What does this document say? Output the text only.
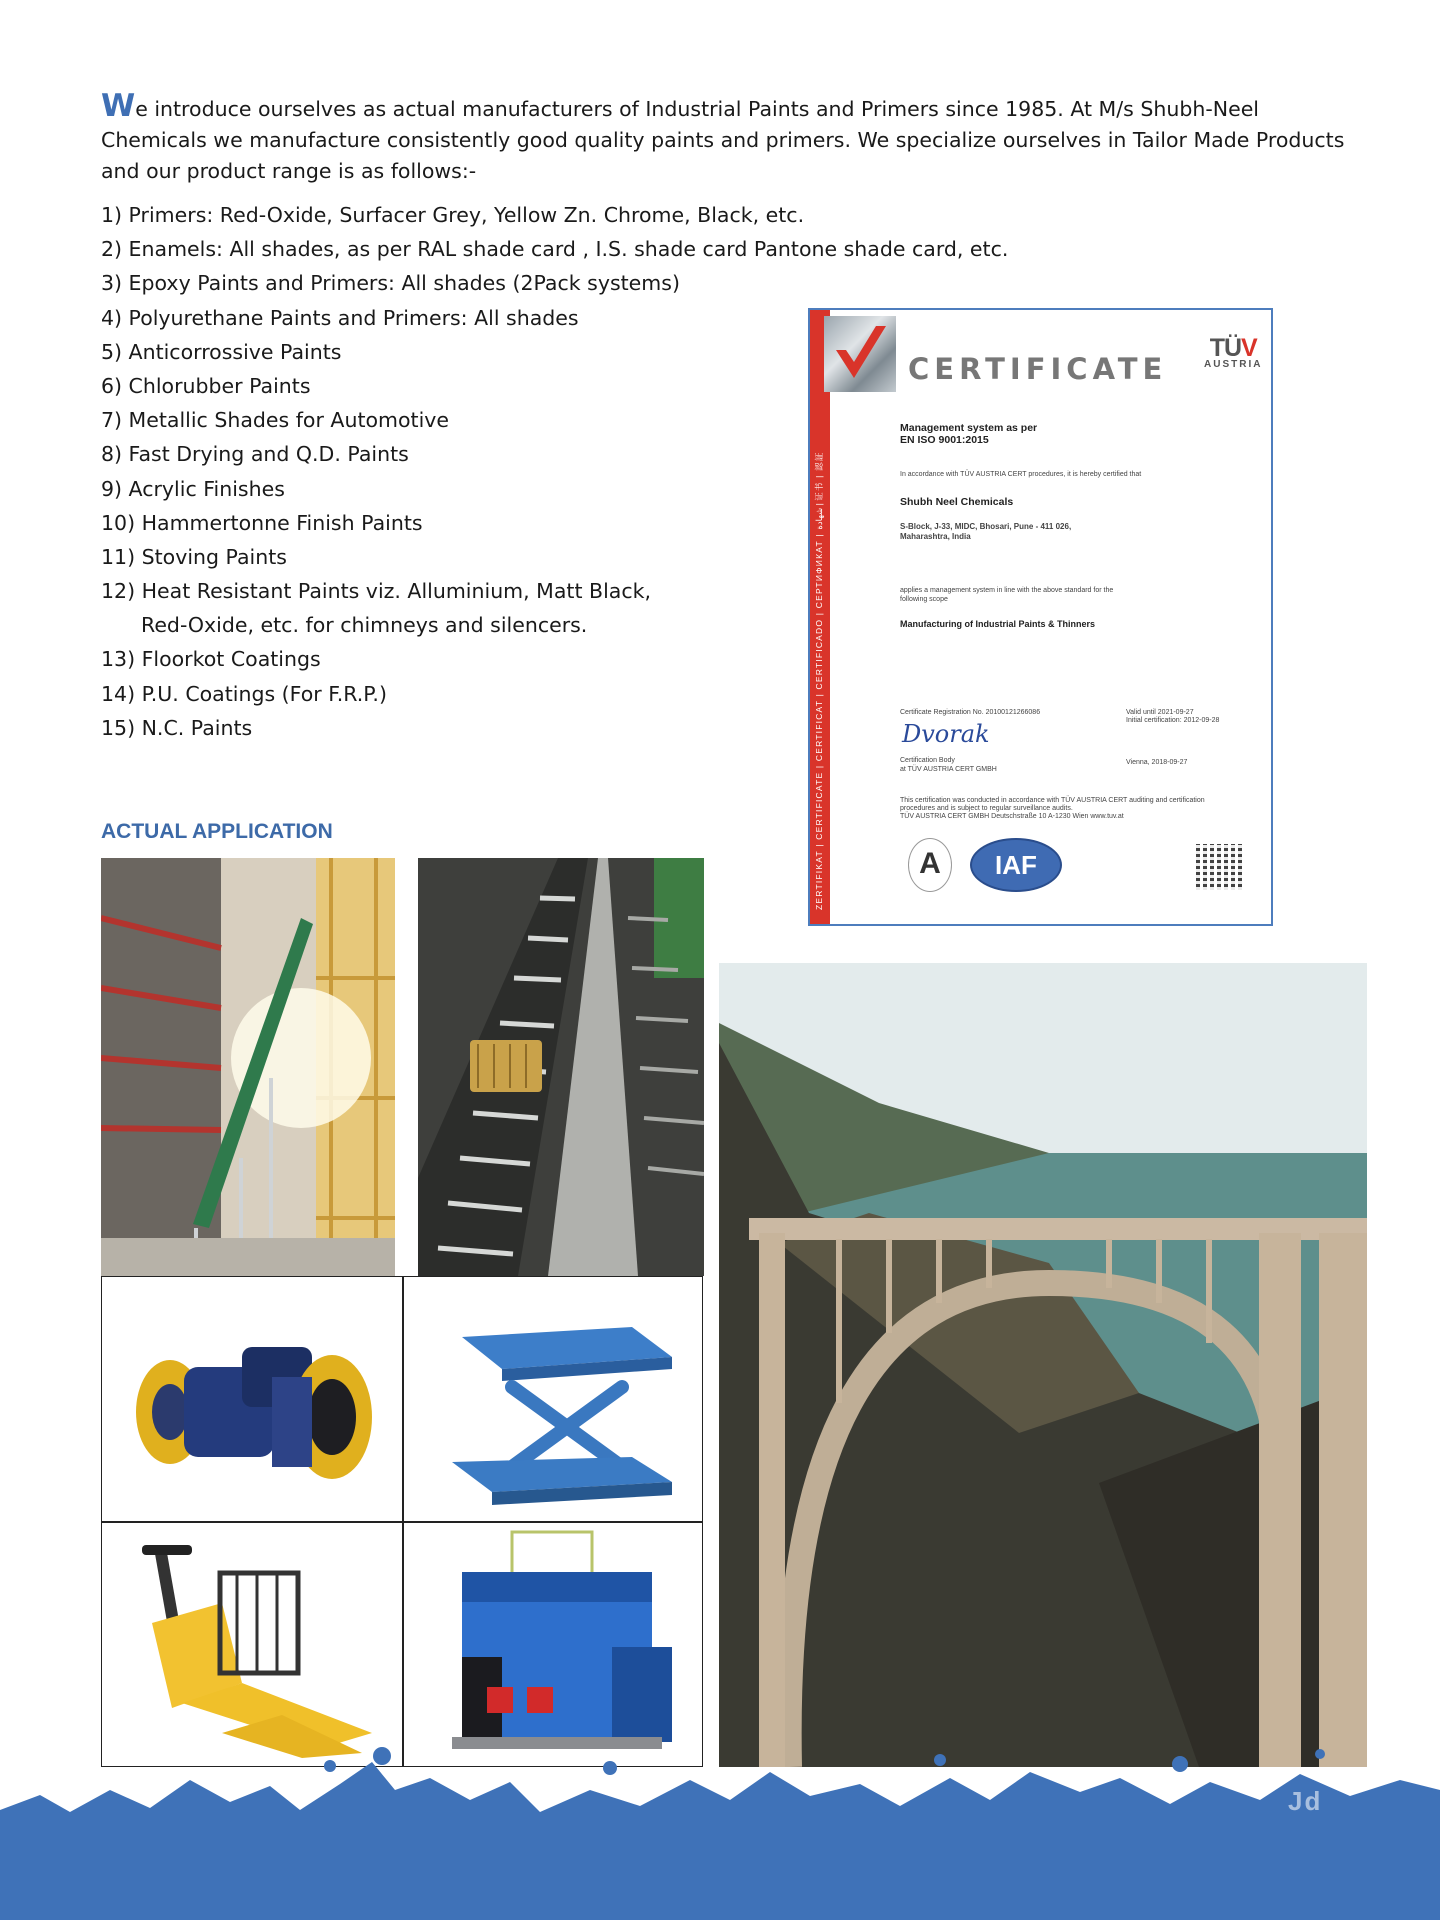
We introduce ourselves as actual manufacturers of Industrial Paints and Primers since 1985. At M/s Shubh-Neel Chemicals we manufacture consistently good quality paints and primers. We specialize ourselves in Tailor Made Products and our product range is as follows:-
1) Primers: Red-Oxide, Surfacer Grey, Yellow Zn. Chrome, Black, etc.
2) Enamels: All shades, as per RAL shade card , I.S. shade card Pantone shade card, etc.
3) Epoxy Paints and Primers: All shades (2Pack systems)
4) Polyurethane Paints and Primers: All shades
5) Anticorrossive Paints
6) Chlorubber Paints
7) Metallic Shades for Automotive
8) Fast Drying and Q.D. Paints
9) Acrylic Finishes
10) Hammertonne Finish Paints
11) Stoving Paints
12) Heat Resistant Paints viz. Alluminium, Matt Black,
Red-Oxide, etc. for chimneys and silencers.
13) Floorkot Coatings
14) P.U. Coatings (For F.R.P.)
15) N.C. Paints	ZERTIFIKAT | CERTIFICATE | CERTIFICAT | CERTIFICADO | СЕРТИФИКАТ | شهادة | 证书 | 認証
CERTIFICATE
TÜV
AUSTRIA
Management system as per
EN ISO 9001:2015
In accordance with TÜV AUSTRIA CERT procedures, it is hereby certified that
Shubh Neel Chemicals
S-Block, J-33, MIDC, Bhosari, Pune - 411 026,
Maharashtra, India
applies a management system in line with the above standard for the
following scope
Manufacturing of Industrial Paints & Thinners
Certificate Registration No. 20100121266086	Valid until 2021-09-27
Initial certification: 2012-09-28
Dvorak
Certification Body
at TÜV AUSTRIA CERT GMBH
Vienna, 2018-09-27
This certification was conducted in accordance with TÜV AUSTRIA CERT auditing and certification
procedures and is subject to regular surveillance audits.
TÜV AUSTRIA CERT GMBH Deutschstraße 10 A-1230 Wien www.tuv.at
A	IAF
ACTUAL APPLICATION
Jd
